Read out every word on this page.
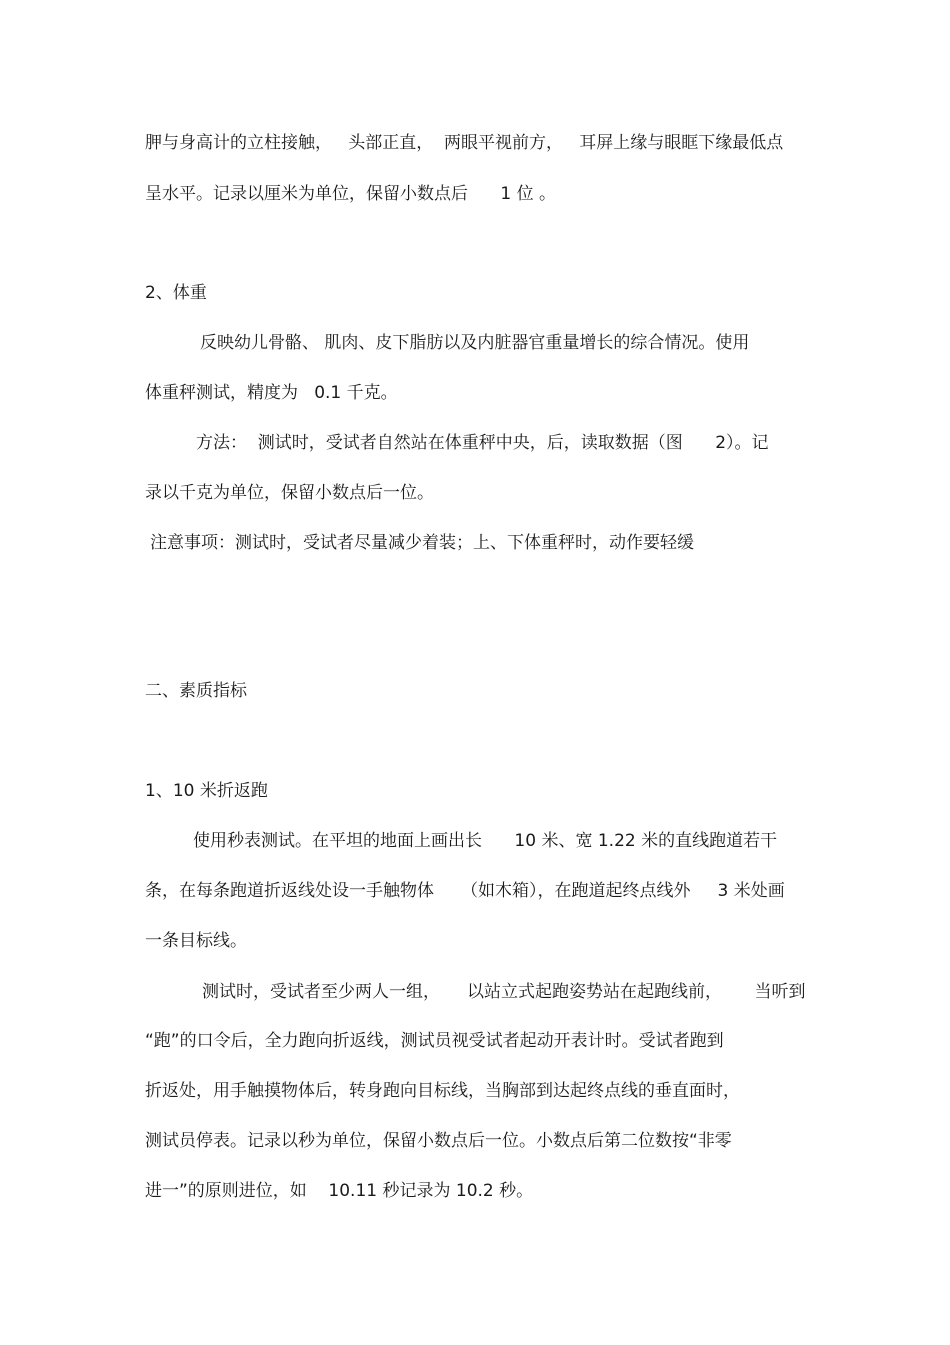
胛与身高计的立柱接触，   头部正直，  两眼平视前方，   耳屏上缘与眼眶下缘最低点
呈水平。记录以厘米为单位，保留小数点后      1 位 。
2、体重
反映幼儿骨骼、 肌肉、皮下脂肪以及内脏器官重量增长的综合情况。使用
体重秤测试，精度为   0.1 千克。
方法：  测试时，受试者自然站在体重秤中央，后，读取数据（图      2）。记
录以千克为单位，保留小数点后一位。
注意事项：测试时，受试者尽量减少着装；上、下体重秤时，动作要轻缓
二、素质指标
1、10 米折返跑
使用秒表测试。在平坦的地面上画出长      10 米、宽 1.22 米的直线跑道若干
条，在每条跑道折返线处设一手触物体     （如木箱），在跑道起终点线外     3 米处画
一条目标线。
测试时，受试者至少两人一组，     以站立式起跑姿势站在起跑线前，      当听到
“跑”的口令后，全力跑向折返线，测试员视受试者起动开表计时。受试者跑到
折返处，用手触摸物体后，转身跑向目标线，当胸部到达起终点线的垂直面时，
测试员停表。记录以秒为单位，保留小数点后一位。小数点后第二位数按“非零
进一”的原则进位，如    10.11 秒记录为 10.2 秒。
